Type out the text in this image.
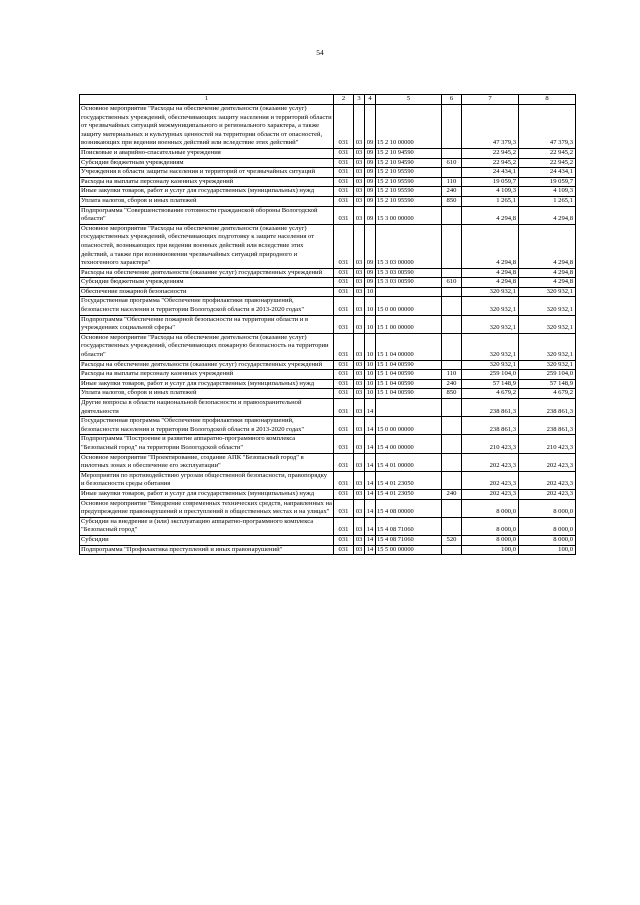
54
1	2	3	4	5	6	7	8
Основное мероприятие "Расходы на обеспечение деятельности (оказание услуг) государственных учреждений, обеспечивающих защиту населения и территорий области от чрезвычайных ситуаций межмуниципального и регионального характера, а также защиту материальных и культурных ценностей на территории области от опасностей, возникающих при ведении военных действий или вследствие этих действий"	031	03	09	15 2 10 00000		47 379,3	47 379,3
Поисковые и аварийно-спасательные учреждения	031	03	09	15 2 10 94590		22 945,2	22 945,2
Субсидии бюджетным учреждениям	031	03	09	15 2 10 94590	610	22 945,2	22 945,2
Учреждения в области защиты населения и территорий от чрезвычайных ситуаций	031	03	09	15 2 10 95590		24 434,1	24 434,1
Расходы на выплаты персоналу казенных учреждений	031	03	09	15 2 10 95590	110	19 059,7	19 059,7
Иные закупки товаров, работ и услуг для государственных (муниципальных) нужд	031	03	09	15 2 10 95590	240	4 109,3	4 109,3
Уплата налогов, сборов и иных платежей	031	03	09	15 2 10 95590	850	1 265,1	1 265,1
Подпрограмма "Совершенствование готовности гражданской обороны Вологодской области"	031	03	09	15 3 00 00000		4 294,8	4 294,8
Основное мероприятие "Расходы на обеспечение деятельности (оказание услуг) государственных учреждений, обеспечивающих подготовку к защите населения от опасностей, возникающих при ведении военных действий или вследствие этих действий, а также при возникновении чрезвычайных ситуаций природного и техногенного характера"	031	03	09	15 3 03 00000		4 294,8	4 294,8
Расходы на обеспечение деятельности (оказание услуг) государственных учреждений	031	03	09	15 3 03 00590		4 294,8	4 294,8
Субсидии бюджетным учреждениям	031	03	09	15 3 03 00590	610	4 294,8	4 294,8
Обеспечение пожарной безопасности	031	03	10			320 932,1	320 932,1
Государственная программа "Обеспечение профилактики правонарушений, безопасности населения и территории Вологодской области в 2013-2020 годах"	031	03	10	15 0 00 00000		320 932,1	320 932,1
Подпрограмма "Обеспечение пожарной безопасности на территории области и в учреждениях социальной сферы"	031	03	10	15 1 00 00000		320 932,1	320 932,1
Основное мероприятие "Расходы на обеспечение деятельности (оказание услуг) государственных учреждений, обеспечивающих пожарную безопасность на территории области"	031	03	10	15 1 04 00000		320 932,1	320 932,1
Расходы на обеспечение деятельности (оказание услуг) государственных учреждений	031	03	10	15 1 04 00590		320 932,1	320 932,1
Расходы на выплаты персоналу казенных учреждений	031	03	10	15 1 04 00590	110	259 104,0	259 104,0
Иные закупки товаров, работ и услуг для государственных (муниципальных) нужд	031	03	10	15 1 04 00590	240	57 148,9	57 148,9
Уплата налогов, сборов и иных платежей	031	03	10	15 1 04 00590	850	4 679,2	4 679,2
Другие вопросы в области национальной безопасности и правоохранительной деятельности	031	03	14			238 861,3	238 861,3
Государственная программа "Обеспечение профилактики правонарушений, безопасности населения и территории Вологодской области в 2013-2020 годах"	031	03	14	15 0 00 00000		238 861,3	238 861,3
Подпрограмма "Построение и развитие аппаратно-программного комплекса "Безопасный город" на территории Вологодской области"	031	03	14	15 4 00 00000		210 423,3	210 423,3
Основное мероприятие "Проектирование, создание АПК "Безопасный город" в пилотных зонах и обеспечение его эксплуатации"	031	03	14	15 4 01 00000		202 423,3	202 423,3
Мероприятия по противодействию угрозам общественной безопасности, правопорядку и безопасности среды обитания	031	03	14	15 4 01 23050		202 423,3	202 423,3
Иные закупки товаров, работ и услуг для государственных (муниципальных) нужд	031	03	14	15 4 01 23050	240	202 423,3	202 423,3
Основное мероприятие "Внедрение современных технических средств, направленных на предупреждение правонарушений и преступлений в общественных местах и на улицах"	031	03	14	15 4 08 00000		8 000,0	8 000,0
Субсидии на внедрение и (или) эксплуатацию аппаратно-программного комплекса "Безопасный город"	031	03	14	15 4 08 71060		8 000,0	8 000,0
Субсидии	031	03	14	15 4 08 71060	520	8 000,0	8 000,0
Подпрограмма "Профилактика преступлений и иных правонарушений"	031	03	14	15 5 00 00000		100,0	100,0
